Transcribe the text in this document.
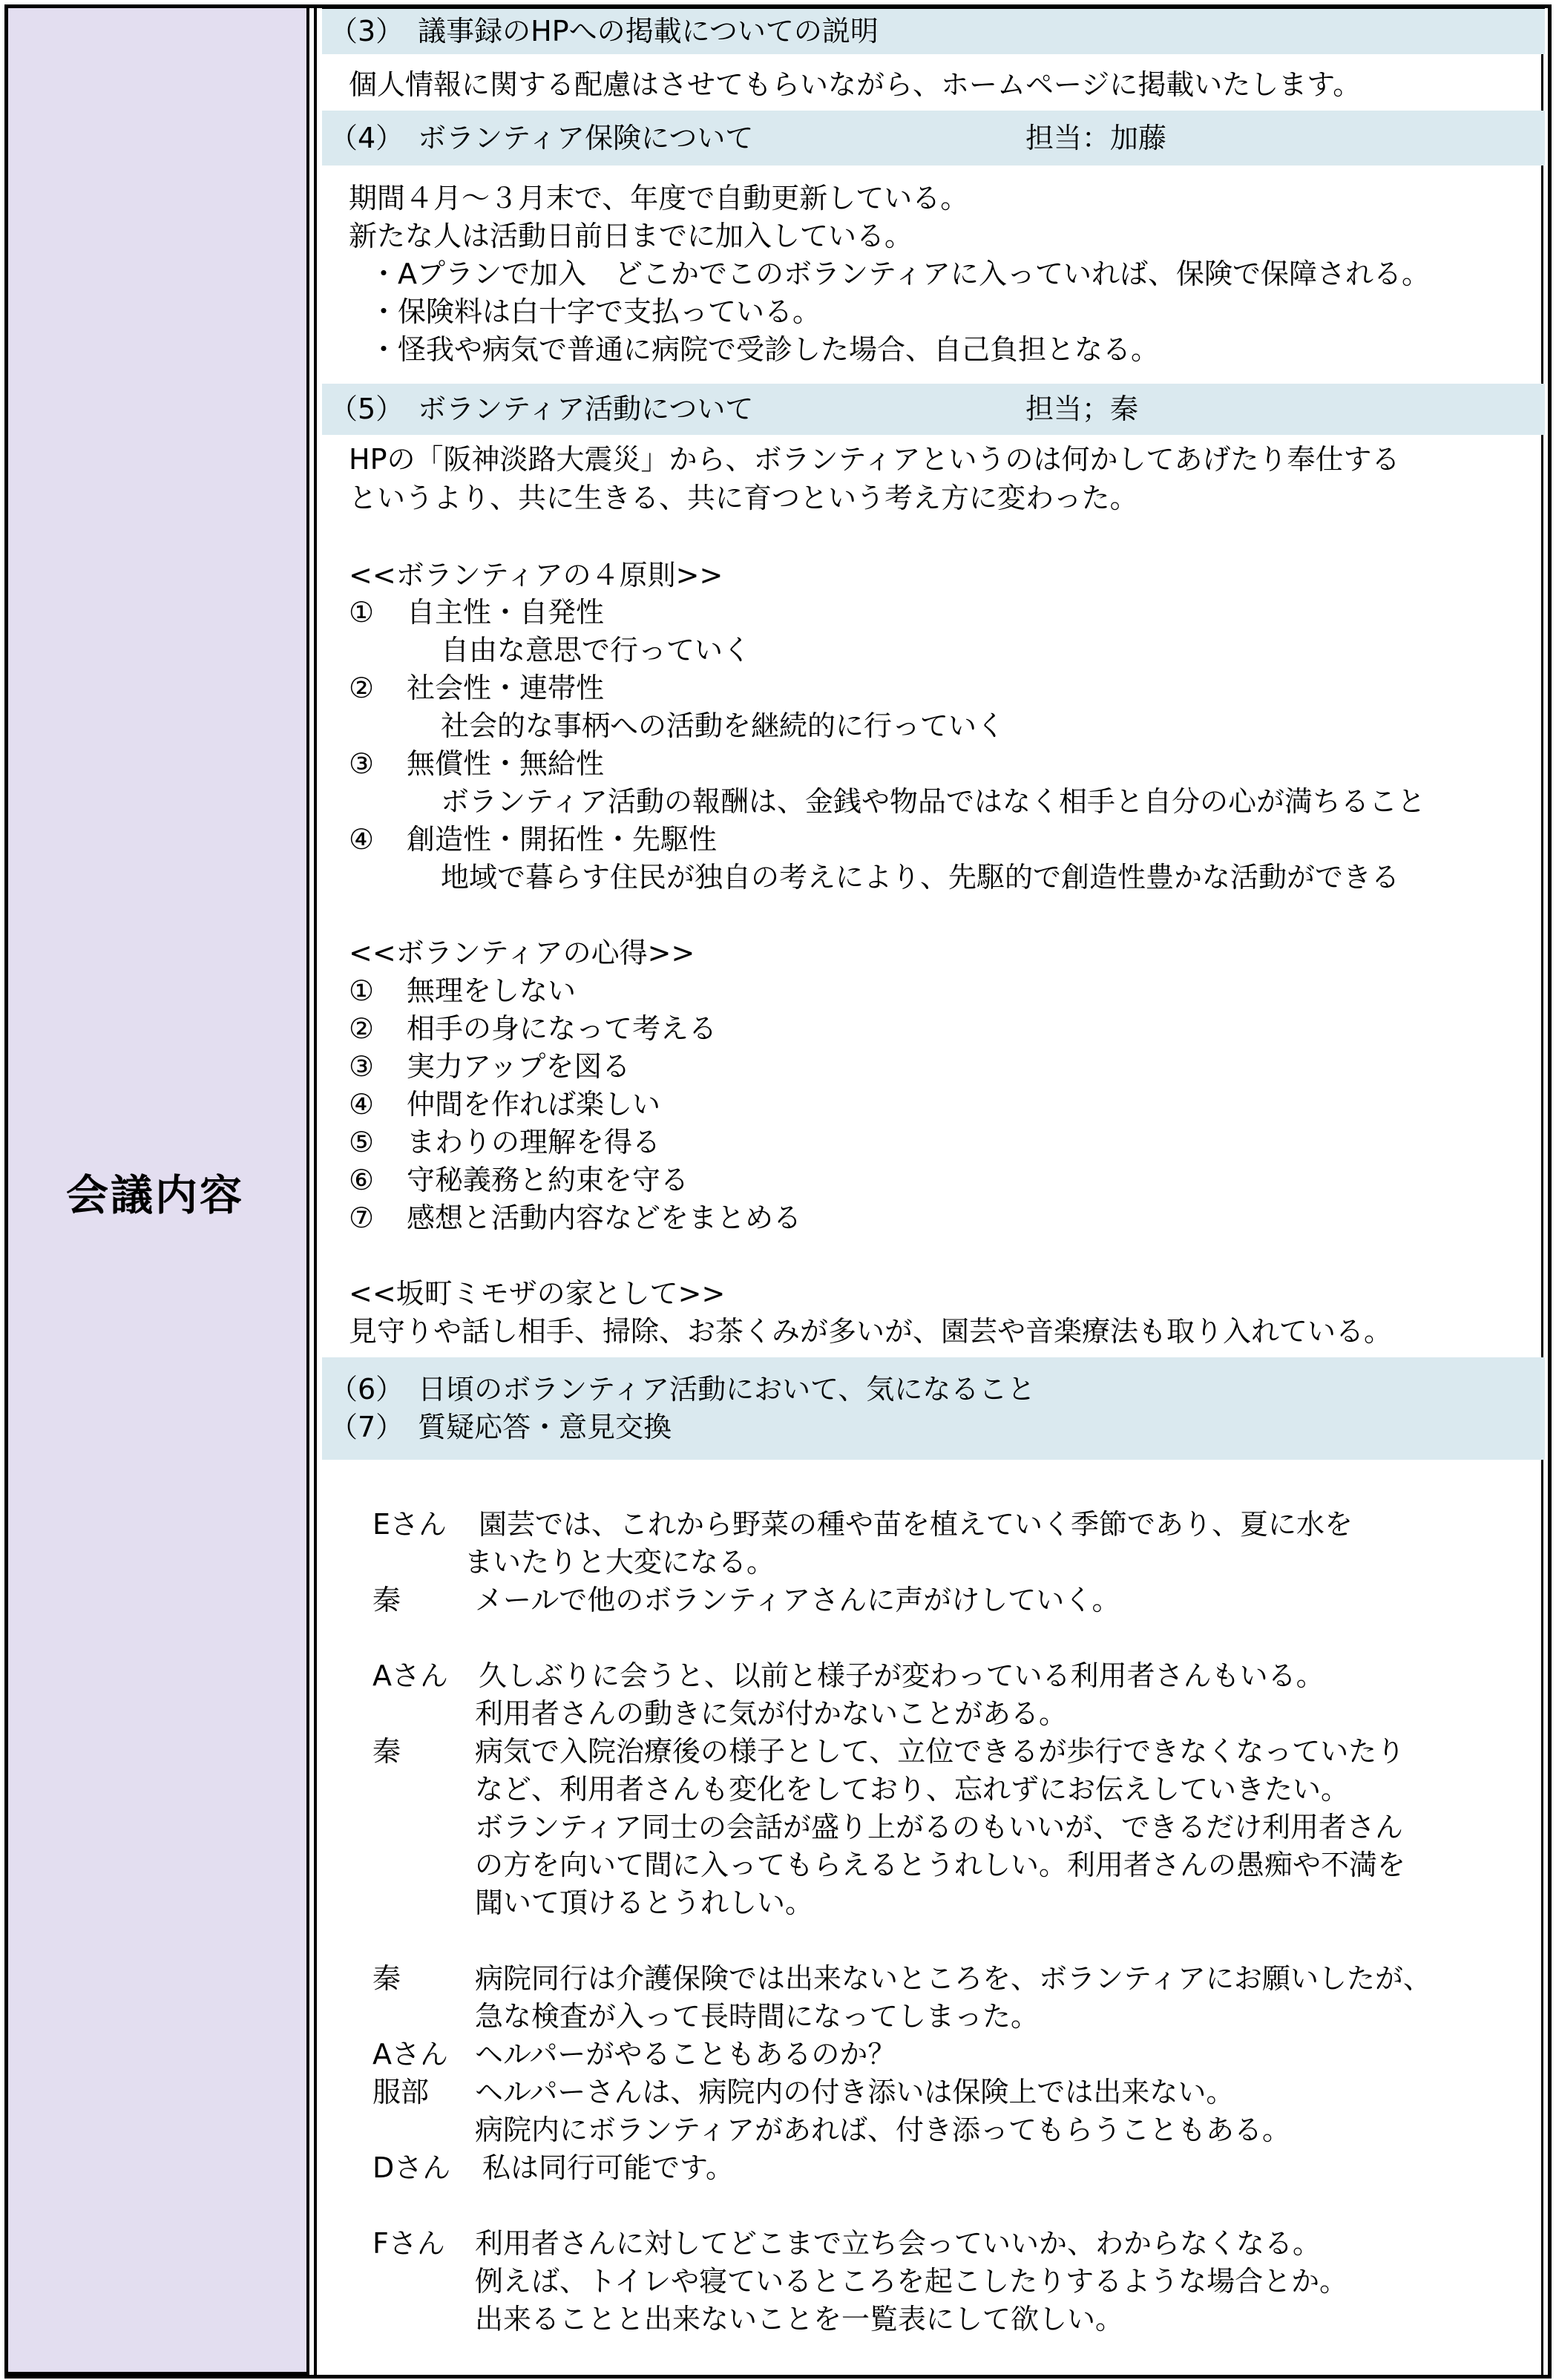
会議内容
（3）　議事録のHPへの掲載についての説明
個人情報に関する配慮はさせてもらいながら、ホームページに掲載いたします。
（4）　ボランティア保険について	担当：加藤
期間４月～３月末で、年度で自動更新している。
新たな人は活動日前日までに加入している。
・Aプランで加入　どこかでこのボランティアに入っていれば、保険で保障される。
・保険料は白十字で支払っている。
・怪我や病気で普通に病院で受診した場合、自己負担となる。
（5）　ボランティア活動について	担当；秦
HPの「阪神淡路大震災」から、ボランティアというのは何かしてあげたり奉仕する
というより、共に生きる、共に育つという考え方に変わった。
<<ボランティアの４原則>>
① 自主性・自発性
自由な意思で行っていく
② 社会性・連帯性
社会的な事柄への活動を継続的に行っていく
③ 無償性・無給性
ボランティア活動の報酬は、金銭や物品ではなく相手と自分の心が満ちること
④ 創造性・開拓性・先駆性
地域で暮らす住民が独自の考えにより、先駆的で創造性豊かな活動ができる
<<ボランティアの心得>>
① 無理をしない
② 相手の身になって考える
③ 実力アップを図る
④ 仲間を作れば楽しい
⑤ まわりの理解を得る
⑥ 守秘義務と約束を守る
⑦ 感想と活動内容などをまとめる
<<坂町ミモザの家として>>
見守りや話し相手、掃除、お茶くみが多いが、園芸や音楽療法も取り入れている。
（6）　日頃のボランティア活動において、気になること
（7）　質疑応答・意見交換
Eさん 園芸では、これから野菜の種や苗を植えていく季節であり、夏に水を
まいたりと大変になる。
秦	メールで他のボランティアさんに声がけしていく。
Aさん 久しぶりに会うと、以前と様子が変わっている利用者さんもいる。
利用者さんの動きに気が付かないことがある。
秦	病気で入院治療後の様子として、立位できるが歩行できなくなっていたり
など、利用者さんも変化をしており、忘れずにお伝えしていきたい。
ボランティア同士の会話が盛り上がるのもいいが、できるだけ利用者さん
の方を向いて間に入ってもらえるとうれしい。利用者さんの愚痴や不満を
聞いて頂けるとうれしい。
秦	病院同行は介護保険では出来ないところを、ボランティアにお願いしたが、
急な検査が入って長時間になってしまった。
Aさん ヘルパーがやることもあるのか？
服部 ヘルパーさんは、病院内の付き添いは保険上では出来ない。
病院内にボランティアがあれば、付き添ってもらうこともある。
Dさん 私は同行可能です。
Fさん 利用者さんに対してどこまで立ち会っていいか、わからなくなる。
例えば、トイレや寝ているところを起こしたりするような場合とか。
出来ることと出来ないことを一覧表にして欲しい。
